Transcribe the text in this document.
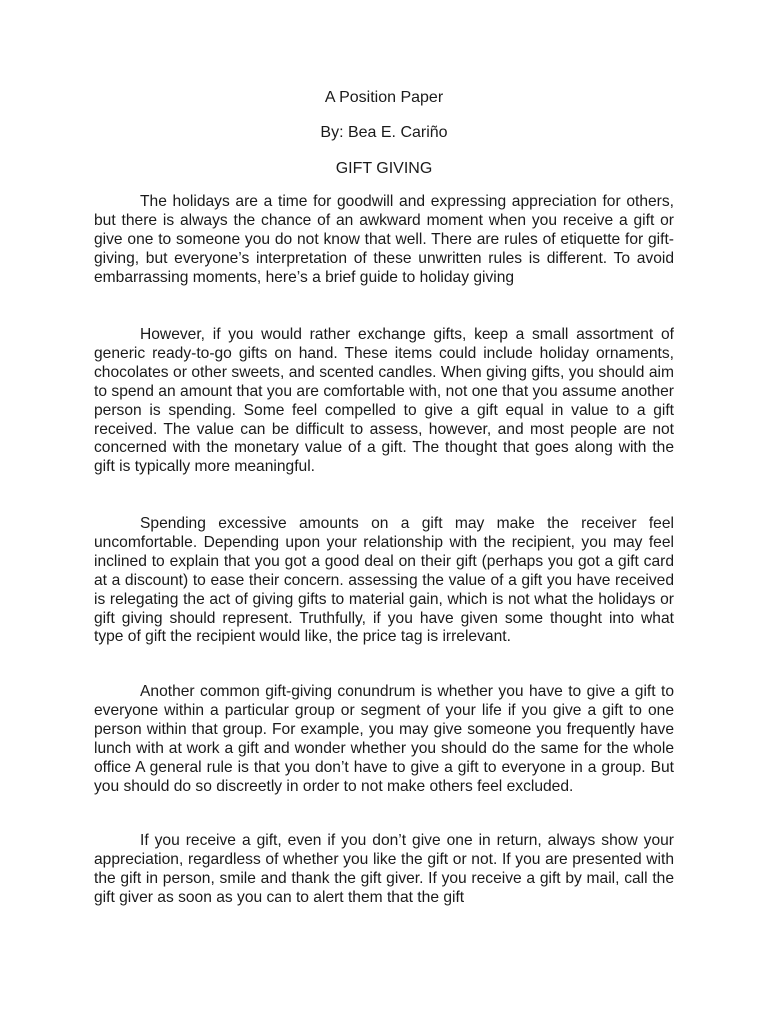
A Position Paper

By: Bea E. Cariño

GIFT GIVING

The holidays are a time for goodwill and expressing appreciation for others, but there is always the chance of an awkward moment when you receive a gift or give one to someone you do not know that well. There are rules of etiquette for gift-giving, but everyone’s interpretation of these unwritten rules is different. To avoid embarrassing moments, here’s a brief guide to holiday giving

However, if you would rather exchange gifts, keep a small assortment of generic ready-to-go gifts on hand. These items could include holiday ornaments, chocolates or other sweets, and scented candles. When giving gifts, you should aim to spend an amount that you are comfortable with, not one that you assume another person is spending. Some feel compelled to give a gift equal in value to a gift received. The value can be difficult to assess, however, and most people are not concerned with the monetary value of a gift. The thought that goes along with the gift is typically more meaningful.

Spending excessive amounts on a gift may make the receiver feel uncomfortable. Depending upon your relationship with the recipient, you may feel inclined to explain that you got a good deal on their gift (perhaps you got a gift card at a discount) to ease their concern. assessing the value of a gift you have received is relegating the act of giving gifts to material gain, which is not what the holidays or gift giving should represent. Truthfully, if you have given some thought into what type of gift the recipient would like, the price tag is irrelevant.

Another common gift-giving conundrum is whether you have to give a gift to everyone within a particular group or segment of your life if you give a gift to one person within that group. For example, you may give someone you frequently have lunch with at work a gift and wonder whether you should do the same for the whole office A general rule is that you don’t have to give a gift to everyone in a group. But you should do so discreetly in order to not make others feel excluded.

If you receive a gift, even if you don’t give one in return, always show your appreciation, regardless of whether you like the gift or not. If you are presented with the gift in person, smile and thank the gift giver. If you receive a gift by mail, call the gift giver as soon as you can to alert them that the gift
